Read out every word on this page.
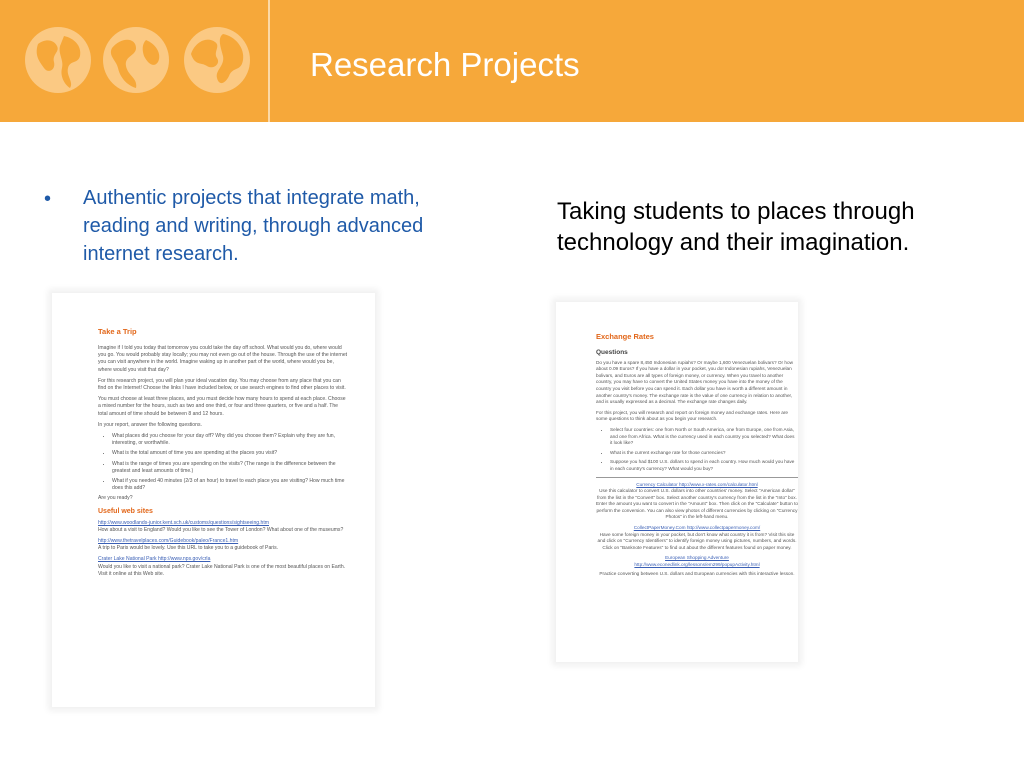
Research Projects
• Authentic projects that integrate math, reading and writing, through advanced internet research.
Taking students to places through technology and their imagination.

Take a Trip

Imagine if I told you today that tomorrow you could take the day off school. What would you do, where would you go. You would probably stay locally; you may not even go out of the house. Through the use of the internet you can visit anywhere in the world. Imagine waking up in another part of the world, where would you be, where would you visit that day?

For this research project, you will plan your ideal vacation day. You may choose from any place that you can find on the Internet! Choose the links I have included below, or use search engines to find other places to visit.

You must choose at least three places, and you must decide how many hours to spend at each place. Choose a mixed number for the hours, such as two and one third, or four and three quarters, or five and a half. The total amount of time should be between 8 and 12 hours.

In your report, answer the following questions.

• What places did you choose for your day off? Why did you choose them? Explain why they are fun, interesting, or worthwhile.
• What is the total amount of time you are spending at the places you visit?
• What is the range of times you are spending on the visits? (The range is the difference between the greatest and least amounts of time.)
• What if you needed 40 minutes (2/3 of an hour) to travel to each place you are visiting? How much time does this add?

Are you ready?

Useful web sites

http://www.woodlands-junior.kent.sch.uk/customs/questions/sightseeing.htm

How about a visit to England? Would you like to see the Tower of London? What about one of the museums?

http://www.thetravelplaces.com/Guidebook/paleo/France1.htm

A trip to Paris would be lovely. Use this URL to take you to a guidebook of Paris.

Crater Lake National Park http://www.nps.gov/crla

Would you like to visit a national park? Crater Lake National Park is one of the most beautiful places on Earth. Visit it online at this Web site.

Exchange Rates

Questions

Do you have a spare 8,450 Indonesian rupiahs? Or maybe 1,600 Venezuelan bolivars? Or how about 0.09 Euros? If you have a dollar in your pocket, you do! Indonesian rupiahs, Venezuelan bolivars, and Euros are all types of foreign money, or currency. When you travel to another country, you may have to convert the United States money you have into the money of the country you visit before you can spend it. Each dollar you have is worth a different amount in another country's money. The exchange rate is the value of one currency in relation to another, and is usually expressed as a decimal. The exchange rate changes daily.

For this project, you will research and report on foreign money and exchange rates. Here are some questions to think about as you begin your research.

• Select four countries: one from North or South America, one from Europe, one from Asia, and one from Africa. What is the currency used in each country you selected? What does it look like?
• What is the current exchange rate for those currencies?
• Suppose you had $100 U.S. dollars to spend in each country. How much would you have in each country's currency? What would you buy?

Currency Calculator http://www.x-rates.com/calculator.html

Use this calculator to convert U.S. dollars into other countries' money. Select "American dollar" from the list in the "Convert" box. Select another country's currency from the list in the "Into" box. Enter the amount you want to convert in the "Amount" box. Then click on the "Calculate" button to perform the conversion. You can also view photos of different currencies by clicking on "Currency Photos" in the left-hand menu.

CollectPaperMoney.Com http://www.collectpapermoney.com/

Have some foreign money in your pocket, but don't know what country it is from? Visit this site and click on "Currency Identifiers" to identify foreign money using pictures, numbers, and words. Click on "Banknote Features" to find out about the different features found on paper money.

European Shopping Adventure

http://www.econedlink.org/lessons/em299/popupActivity.html

Practice converting between U.S. dollars and European currencies with this interactive lesson.
